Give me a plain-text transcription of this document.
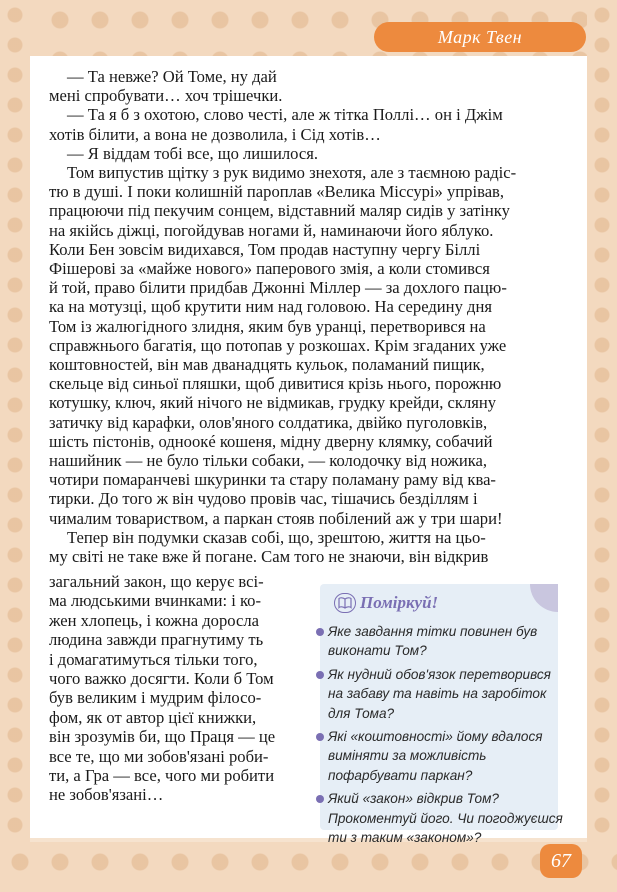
Марк Твен
— Та невже? Ой Томе, ну дай
мені спробувати… хоч трішечки.
— Та я б з охотою, слово честі, але ж тітка Поллі… он і Джім
хотів білити, а вона не дозволила, і Сід хотів…
— Я віддам тобі все, що лишилося.
Том випустив щітку з рук видимо знехотя, але з таємною радіс-
тю в душі. І поки колишній пароплав «Велика Міссурі» упрівав,
працюючи під пекучим сонцем, відставний маляр сидів у затінку
на якійсь діжці, погойдував ногами й, наминаючи його яблуко.
Коли Бен зовсім видихався, Том продав наступну чергу Біллі
Фішерові за «майже нового» паперового змія, а коли стомився
й той, право білити придбав Джонні Міллер — за дохлого пацю-
ка на мотузці, щоб крутити ним над головою. На середину дня
Том із жалюгідного злидня, яким був уранці, перетворився на
справжнього багатія, що потопав у розкошах. Крім згаданих уже
коштовностей, він мав дванадцять кульок, поламаний пищик,
скельце від синьої пляшки, щоб дивитися крізь нього, порожню
котушку, ключ, який нічого не відмикав, грудку крейди, скляну
затичку від карафки, олов'яного солдатика, двійко пуголовків,
шість пістонів, одноокé кошеня, мідну дверну клямку, собачий
нашийник — не було тільки собаки, — колодочку від ножика,
чотири помаранчеві шкуринки та стару поламану раму від ква-
тирки. До того ж він чудово провів час, тішачись безділлям і
чималим товариством, а паркан стояв побілений аж у три шари!
Тепер він подумки сказав собі, що, зрештою, життя на цьо-
му світі не таке вже й погане. Сам того не знаючи, він відкрив
загальний закон, що керує всі-
ма людськими вчинками: і ко-
жен хлопець, і кожна доросла
людина завжди прагнутиму ть
і домагатимуться тільки того,
чого важко досягти. Коли б Том
був великим і мудрим філосо-
фом, як от автор цієї книжки,
він зрозумів би, що Праця — це
все те, що ми зобов'язані роби-
ти, а Гра — все, чого ми робити
не зобов'язані…
Поміркуй!
Яке завдання тітки повинен був
виконати Том?
Як нудний обов'язок перетворився
на забаву та навіть на заробіток
для Тома?
Які «коштовності» йому вдалося
виміняти за можливість
пофарбувати паркан?
Який «закон» відкрив Том?
Прокоментуй його. Чи погоджуєшся
ти з таким «законом»?
67
